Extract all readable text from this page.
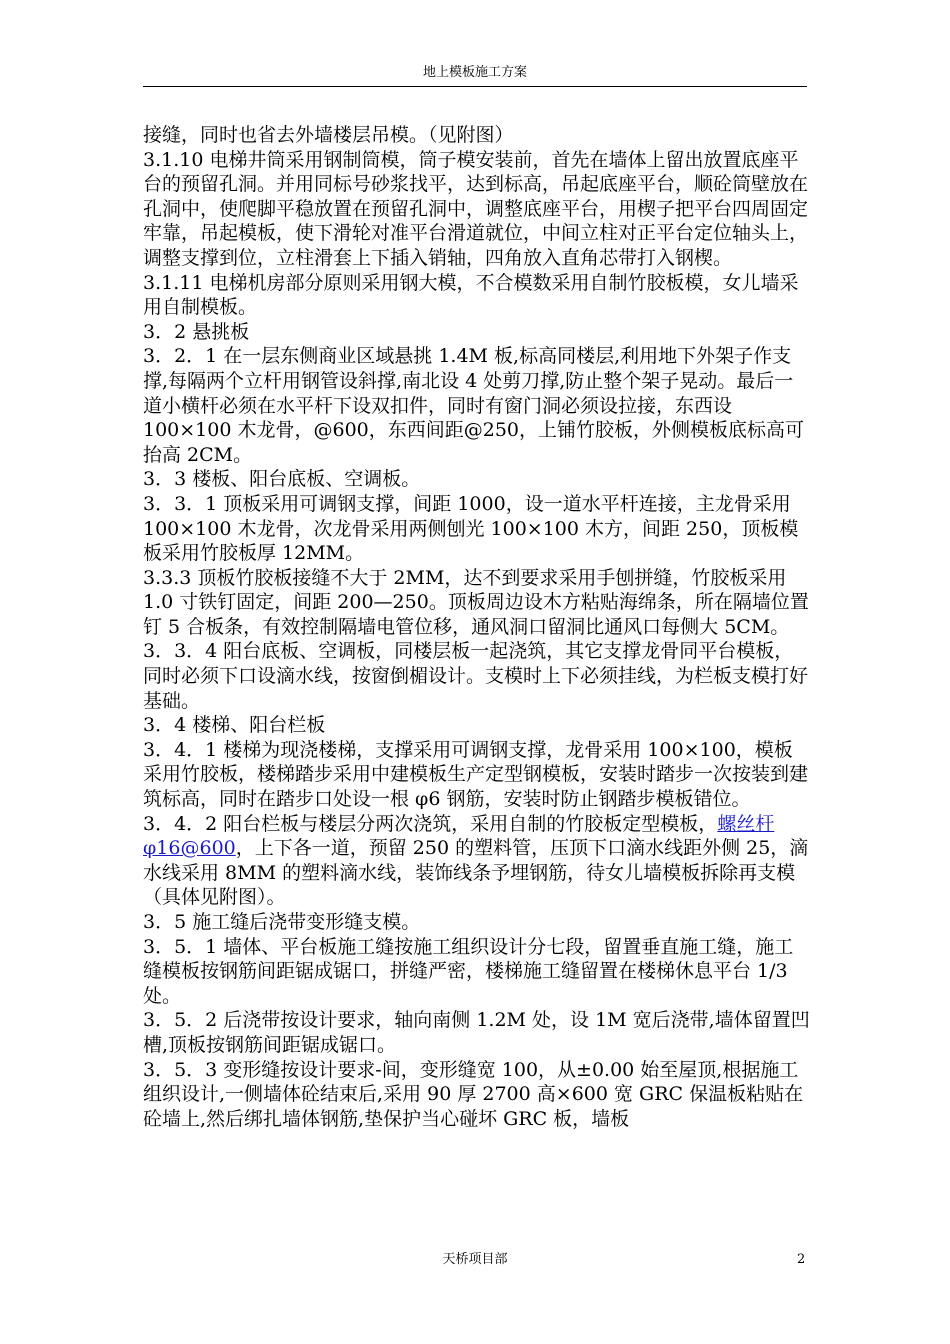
地上模板施工方案

接缝，同时也省去外墙楼层吊模。（见附图）

3.1.10 电梯井筒采用钢制筒模，筒子模安装前，首先在墙体上留出放置底座平台的预留孔洞。并用同标号砂浆找平，达到标高，吊起底座平台，顺砼筒壁放在孔洞中，使爬脚平稳放置在预留孔洞中，调整底座平台，用楔子把平台四周固定牢靠，吊起模板，使下滑轮对准平台滑道就位，中间立柱对正平台定位轴头上，调整支撑到位，立柱滑套上下插入销轴，四角放入直角芯带打入钢楔。

3.1.11 电梯机房部分原则采用钢大模，不合模数采用自制竹胶板模，女儿墙采用自制模板。

3．2 悬挑板

3．2．1 在一层东侧商业区域悬挑 1.4M 板,标高同楼层,利用地下外架子作支撑,每隔两个立杆用钢管设斜撑,南北设 4 处剪刀撑,防止整个架子晃动。最后一道小横杆必须在水平杆下设双扣件，同时有窗门洞必须设拉接，东西设 100×100 木龙骨，@600，东西间距@250，上铺竹胶板，外侧模板底标高可抬高 2CM。

3．3 楼板、阳台底板、空调板。

3．3．1 顶板采用可调钢支撑，间距 1000，设一道水平杆连接，主龙骨采用 100×100 木龙骨，次龙骨采用两侧刨光 100×100 木方，间距 250，顶板模板采用竹胶板厚 12MM。

3.3.3 顶板竹胶板接缝不大于 2MM，达不到要求采用手刨拼缝，竹胶板采用 1.0 寸铁钉固定，间距 200—250。顶板周边设木方粘贴海绵条，所在隔墙位置钉 5 合板条，有效控制隔墙电管位移，通风洞口留洞比通风口每侧大 5CM。

3．3．4 阳台底板、空调板，同楼层板一起浇筑，其它支撑龙骨同平台模板，同时必须下口设滴水线，按窗倒楣设计。支模时上下必须挂线，为栏板支模打好基础。

3．4 楼梯、阳台栏板

3．4．1 楼梯为现浇楼梯，支撑采用可调钢支撑，龙骨采用 100×100，模板采用竹胶板，楼梯踏步采用中建模板生产定型钢模板，安装时踏步一次按装到建筑标高，同时在踏步口处设一根 φ6 钢筋，安装时防止钢踏步模板错位。

3．4．2 阳台栏板与楼层分两次浇筑，采用自制的竹胶板定型模板，螺丝杆 φ16@600，上下各一道，预留 250 的塑料管，压顶下口滴水线距外侧 25，滴水线采用 8MM 的塑料滴水线，装饰线条予埋钢筋，待女儿墙模板拆除再支模（具体见附图）。

3．5 施工缝后浇带变形缝支模。

3．5．1 墙体、平台板施工缝按施工组织设计分七段，留置垂直施工缝，施工缝模板按钢筋间距锯成锯口，拼缝严密，楼梯施工缝留置在楼梯休息平台 1/3 处。

3．5．2 后浇带按设计要求，轴向南侧 1.2M 处，设 1M 宽后浇带,墙体留置凹槽,顶板按钢筋间距锯成锯口。

3．5．3 变形缝按设计要求-间，变形缝宽 100，从±0.00 始至屋顶,根据施工组织设计,一侧墙体砼结束后,采用 90 厚 2700 高×600 宽 GRC 保温板粘贴在砼墙上,然后绑扎墙体钢筋,垫保护当心碰坏 GRC 板，墙板

天桥项目部	2
